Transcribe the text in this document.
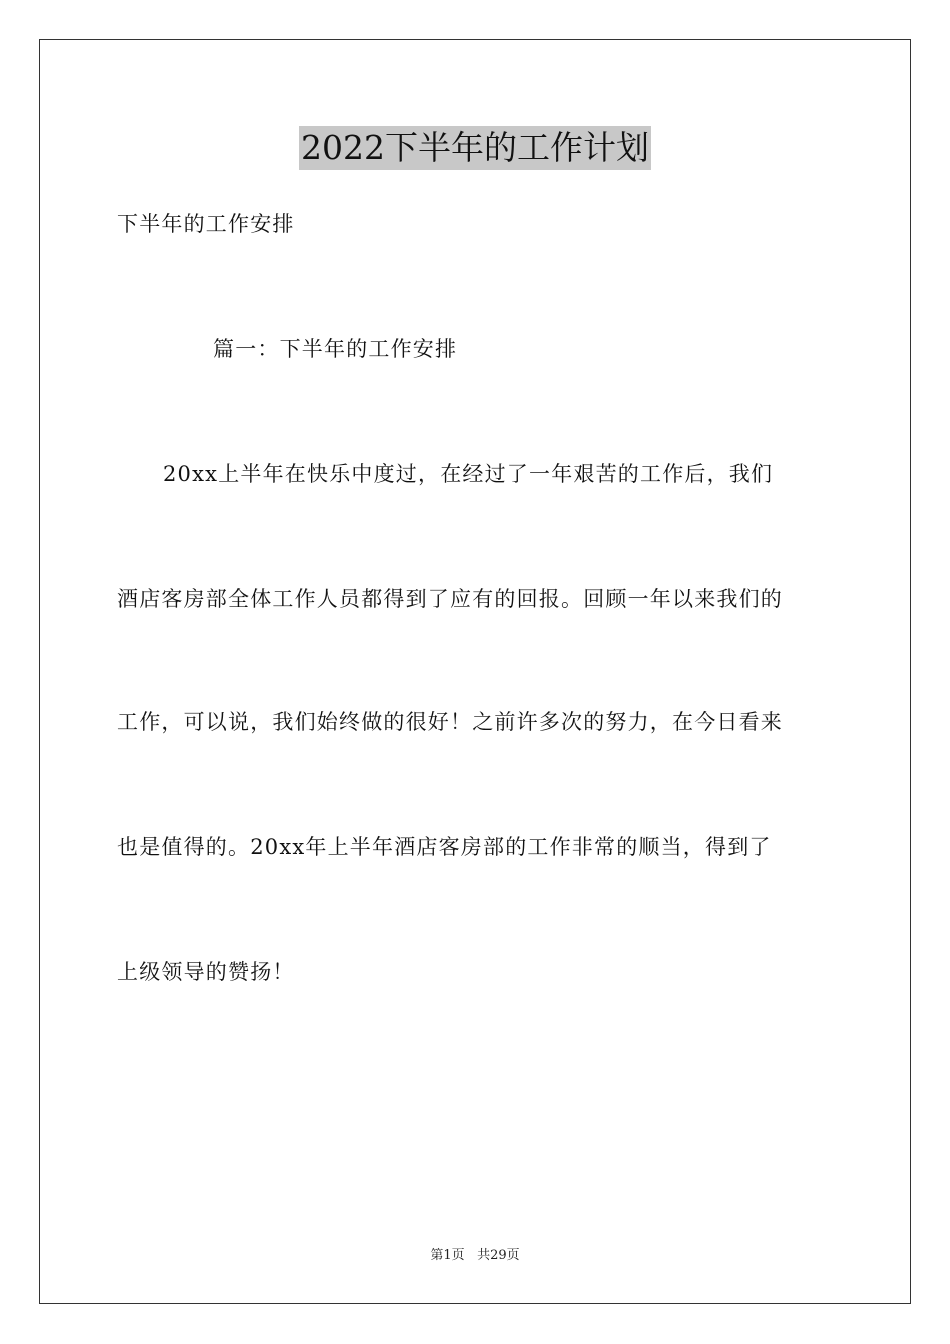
2022下半年的工作计划
下半年的工作安排
篇一：下半年的工作安排
20xx上半年在快乐中度过，在经过了一年艰苦的工作后，我们
酒店客房部全体工作人员都得到了应有的回报。回顾一年以来我们的
工作，可以说，我们始终做的很好！之前许多次的努力，在今日看来
也是值得的。20xx年上半年酒店客房部的工作非常的顺当，得到了
上级领导的赞扬！
第1页 共29页
